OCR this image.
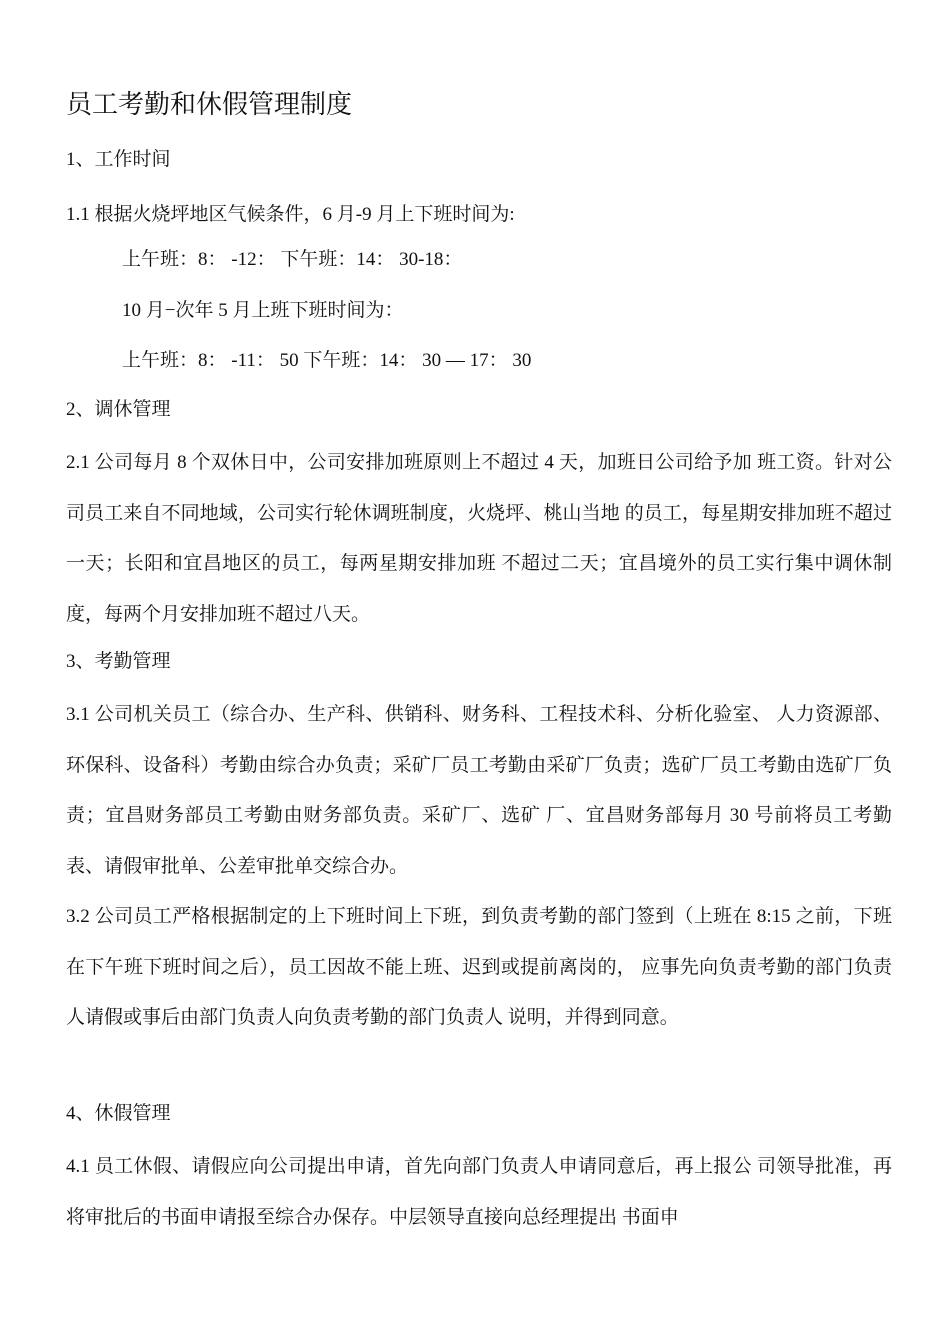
员工考勤和休假管理制度
1、工作时间
1.1 根据火烧坪地区气候条件，6 月-9 月上下班时间为:
上午班：8： -12： 下午班：14： 30-18：
10 月−次年 5 月上班下班时间为：
上午班：8： -11： 50 下午班：14： 30 — 17： 30
2、调休管理
2.1 公司每月 8 个双休日中，公司安排加班原则上不超过 4 天，加班日公司给予加 班工资。针对公司员工来自不同地域，公司实行轮休调班制度，火烧坪、桃山当地 的员工，每星期安排加班不超过一天；长阳和宜昌地区的员工，每两星期安排加班 不超过二天；宜昌境外的员工实行集中调休制度，每两个月安排加班不超过八天。
3、考勤管理
3.1 公司机关员工（综合办、生产科、供销科、财务科、工程技术科、分析化验室、 人力资源部、环保科、设备科）考勤由综合办负责；采矿厂员工考勤由采矿厂负责；选矿厂员工考勤由选矿厂负责；宜昌财务部员工考勤由财务部负责。采矿厂、选矿 厂、宜昌财务部每月 30 号前将员工考勤表、请假审批单、公差审批单交综合办。
3.2 公司员工严格根据制定的上下班时间上下班，到负责考勤的部门签到（上班在 8:15 之前，下班在下午班下班时间之后），员工因故不能上班、迟到或提前离岗的， 应事先向负责考勤的部门负责人请假或事后由部门负责人向负责考勤的部门负责人 说明，并得到同意。
4、休假管理
4.1 员工休假、请假应向公司提出申请，首先向部门负责人申请同意后，再上报公 司领导批准，再将审批后的书面申请报至综合办保存。中层领导直接向总经理提出 书面申
